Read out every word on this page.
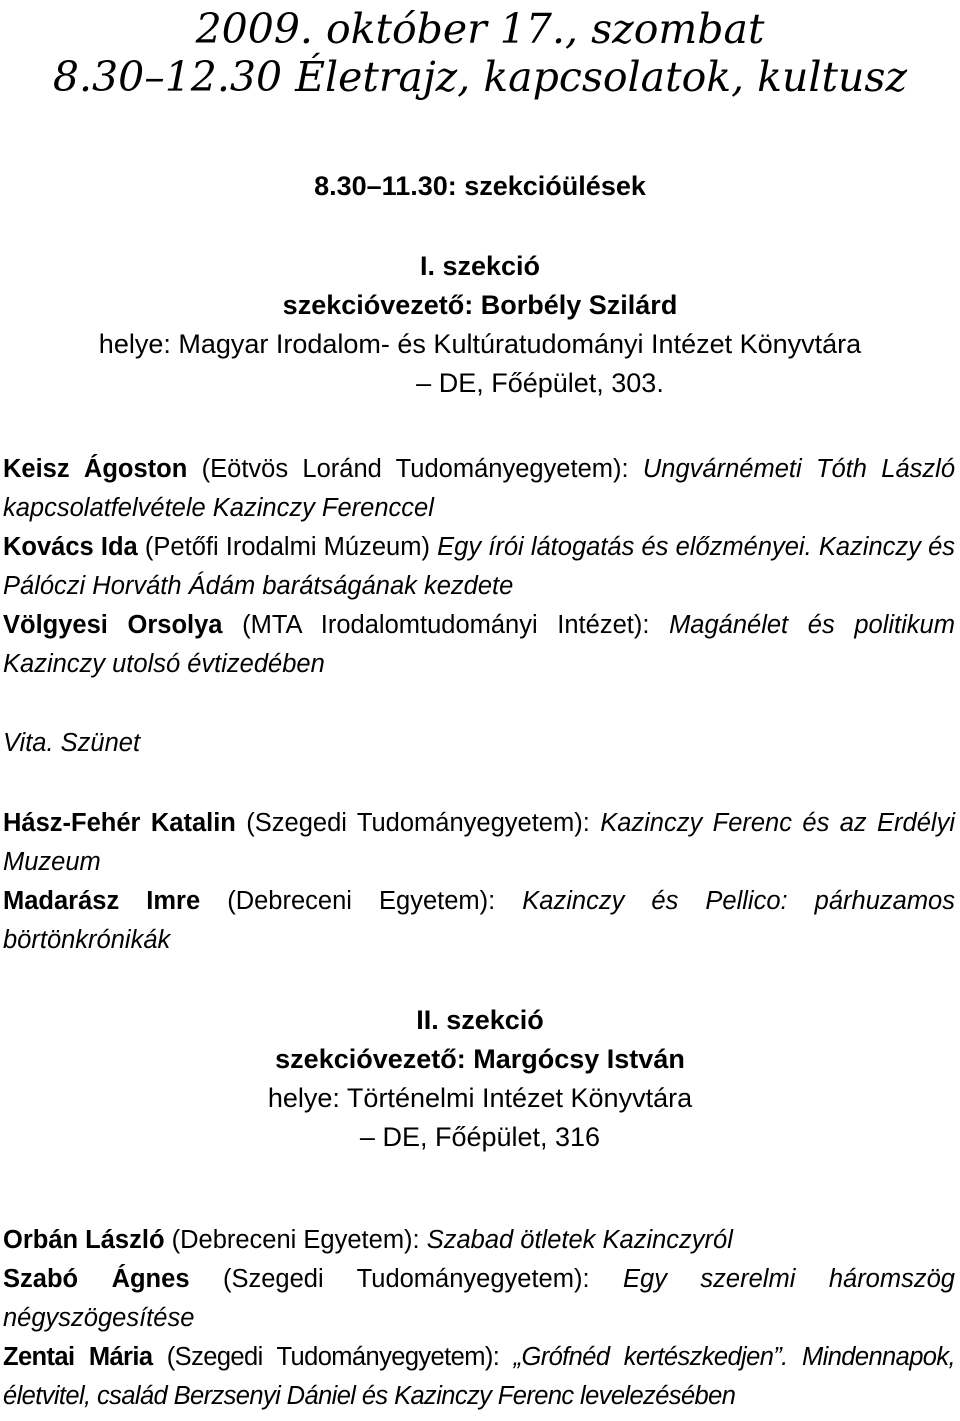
2009. október 17., szombat
8.30–12.30 Életrajz, kapcsolatok, kultusz
8.30–11.30: szekcióülések
I. szekció
szekcióvezető: Borbély Szilárd
helye: Magyar Irodalom- és Kultúratudományi Intézet Könyvtára
– DE, Főépület, 303.
Keisz Ágoston (Eötvös Loránd Tudományegyetem): Ungvárnémeti Tóth László kapcsolatfelvétele Kazinczy Ferenccel
Kovács Ida (Petőfi Irodalmi Múzeum) Egy írói látogatás és előzményei. Kazinczy és Pálóczi Horváth Ádám barátságának kezdete
Völgyesi Orsolya (MTA Irodalomtudományi Intézet): Magánélet és politikum Kazinczy utolsó évtizedében
Vita. Szünet
Hász-Fehér Katalin (Szegedi Tudományegyetem): Kazinczy Ferenc és az Erdélyi Muzeum
Madarász Imre (Debreceni Egyetem): Kazinczy és Pellico: párhuzamos börtönkrónikák
II. szekció
szekcióvezető: Margócsy István
helye: Történelmi Intézet Könyvtára
– DE, Főépület, 316
Orbán László (Debreceni Egyetem): Szabad ötletek Kazinczyról
Szabó Ágnes (Szegedi Tudományegyetem): Egy szerelmi háromszög négyszögesítése
Zentai Mária (Szegedi Tudományegyetem): „Grófnéd kertészkedjen”. Mindennapok, életvitel, család Berzsenyi Dániel és Kazinczy Ferenc levelezésében
